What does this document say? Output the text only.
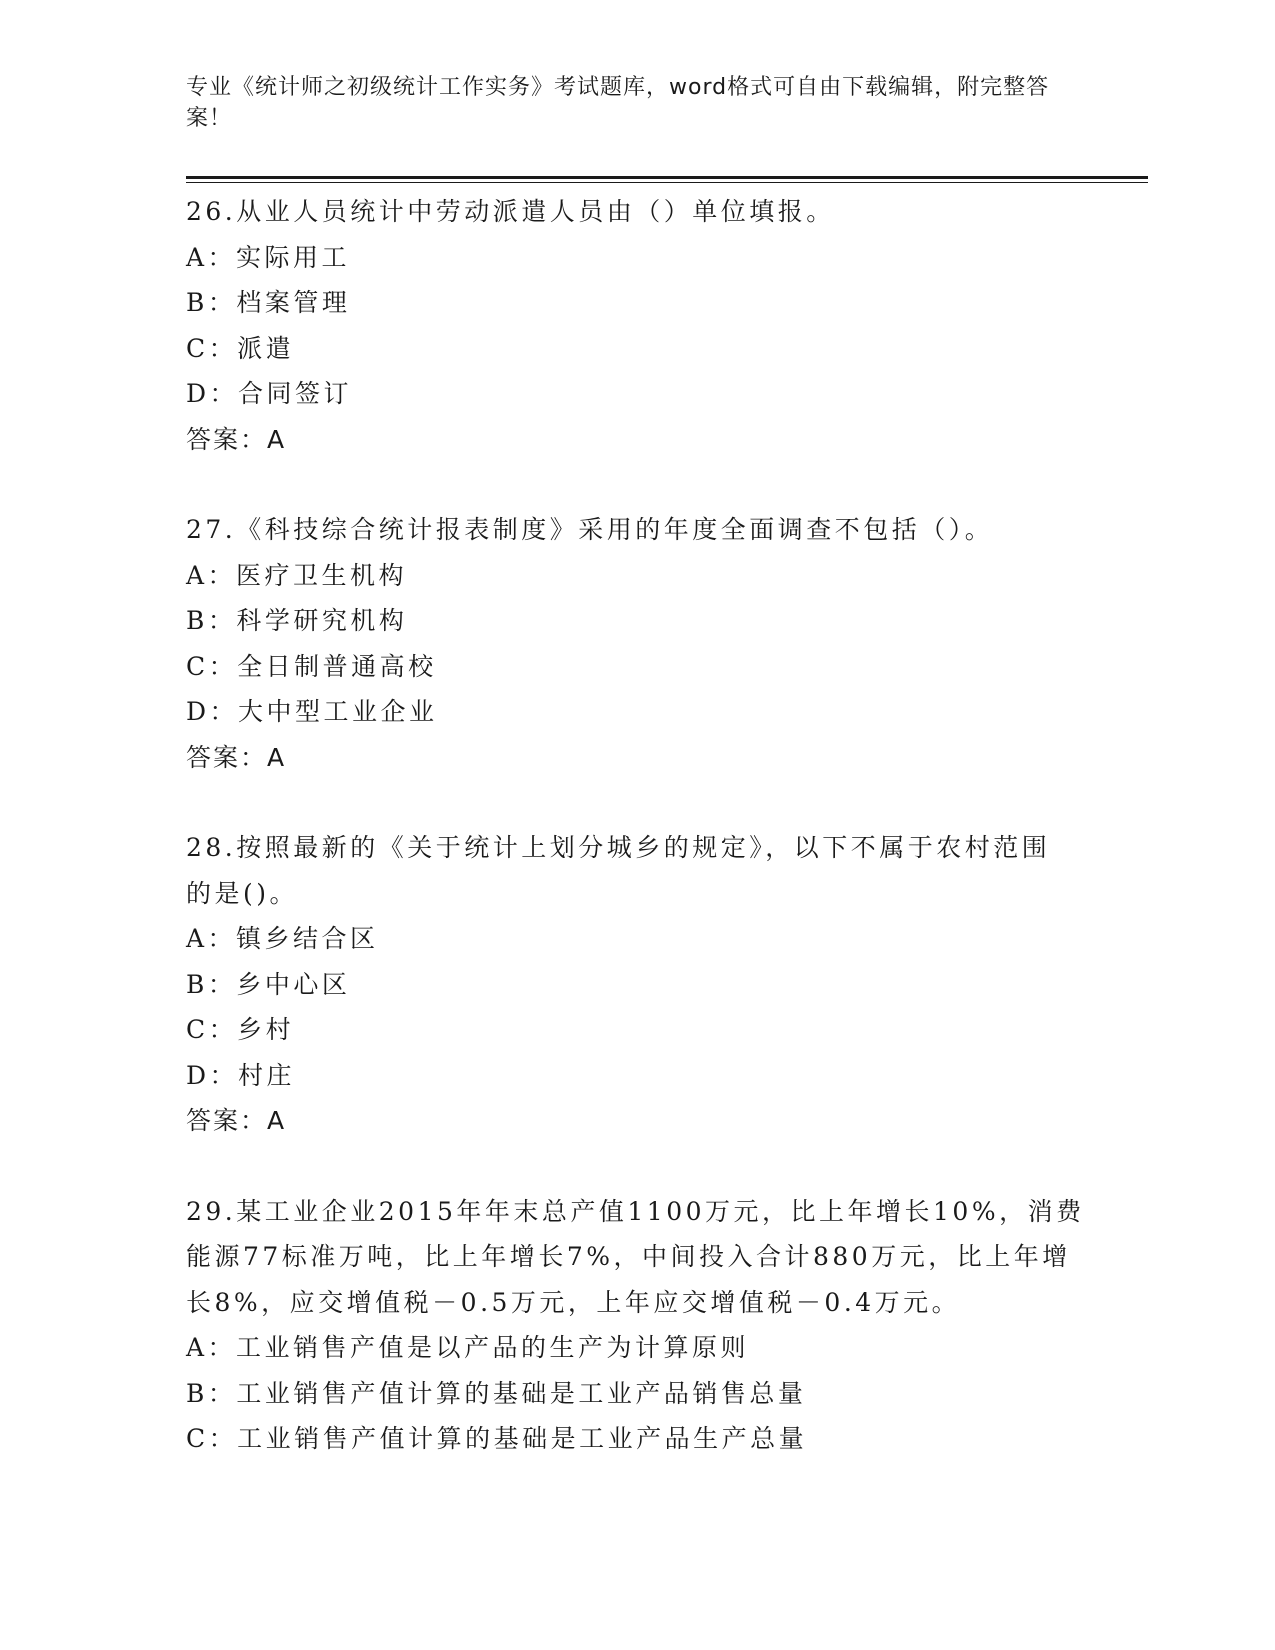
专业《统计师之初级统计工作实务》考试题库，word格式可自由下载编辑，附完整答案！
26.从业人员统计中劳动派遣人员由（）单位填报。
A：实际用工
B：档案管理
C：派遣
D：合同签订
答案：A
27.《科技综合统计报表制度》采用的年度全面调查不包括（）。
A：医疗卫生机构
B：科学研究机构
C：全日制普通高校
D：大中型工业企业
答案：A
28.按照最新的《关于统计上划分城乡的规定》，以下不属于农村范围
的是()。
A：镇乡结合区
B：乡中心区
C：乡村
D：村庄
答案：A
29.某工业企业2015年年末总产值1100万元，比上年增长10%，消费
能源77标准万吨，比上年增长7%，中间投入合计880万元，比上年增
长8%，应交增值税－0.5万元，上年应交增值税－0.4万元。
A：工业销售产值是以产品的生产为计算原则
B：工业销售产值计算的基础是工业产品销售总量
C：工业销售产值计算的基础是工业产品生产总量
